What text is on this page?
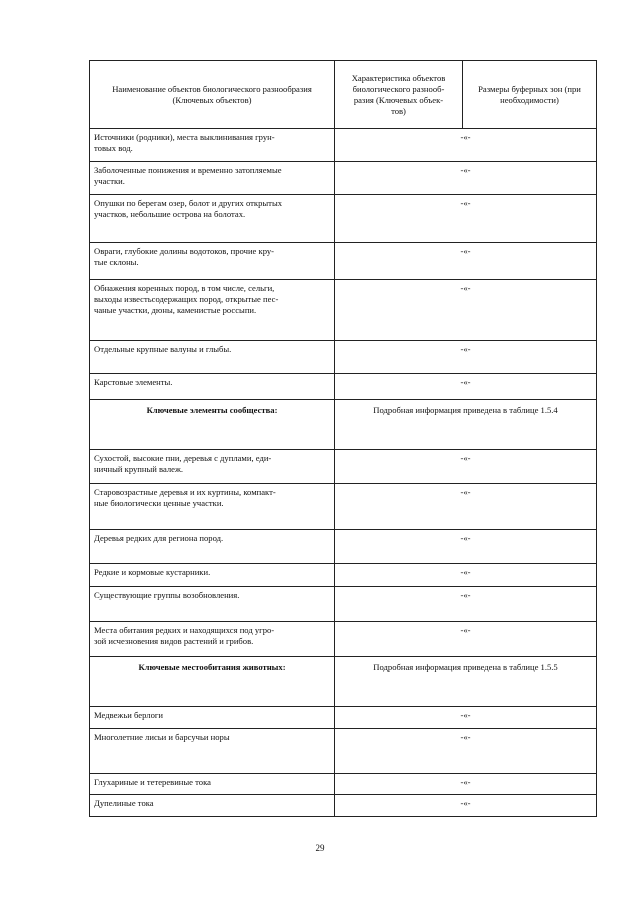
Наименование объектов биологического разнообразия
(Ключевых объектов)	Характеристика объектов биологического разнооб-
разия (Ключевых объек-
тов)	Размеры буферных зон (при необходимости)
Источники (родники), места выклинивания грун-
товых вод.	-«-	
Заболоченные понижения и временно затопляемые
участки.	-«-	
Опушки по берегам озер, болот и других открытых
участков, небольшие острова на болотах.	-«-	
Овраги, глубокие долины водотоков, прочие кру-
тые склоны.	-«-	
Обнажения коренных пород, в том числе, сельги,
выходы известьсодержащих пород, открытые пес-
чаные участки, дюны, каменистые россыпи.	-«-	
Отдельные крупные валуны и глыбы.	-«-	
Карстовые элементы.	-«-	
Ключевые элементы сообщества:	Подробная информация приведена в таблице 1.5.4	
Сухостой, высокие пни, деревья с дуплами, еди-
ничный крупный валеж.	-«-	
Старовозрастные деревья и их куртины, компакт-
ные биологически ценные участки.	-«-	
Деревья редких для региона пород.	-«-	
Редкие и кормовые кустарники.	-«-	
Существующие группы возобновления.	-«-	
Места обитания редких и находящихся под угро-
зой исчезновения видов растений и грибов.	-«-	
Ключевые местообитания животных:	Подробная информация приведена в таблице 1.5.5	
Медвежьи берлоги	-«-	
Многолетние лисьи и барсучьи норы	-«-	
Глухариные и тетеревиные тока	-«-	
Дупелиные тока	-«-	
29
